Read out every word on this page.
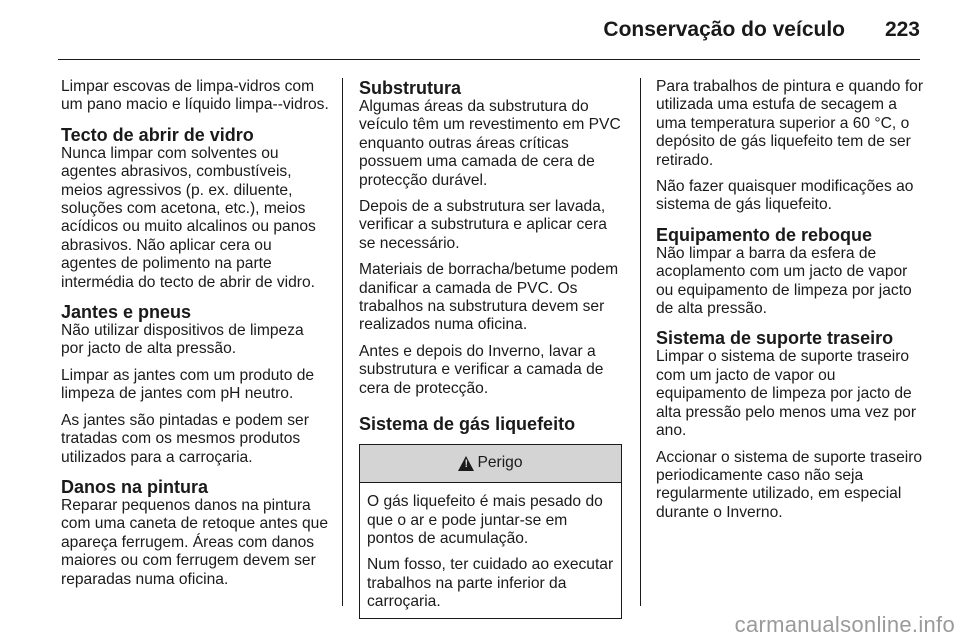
Conservação do veículo 223

Limpar escovas de limpa-vidros com um pano macio e líquido limpa--vidros.

Tecto de abrir de vidro

Nunca limpar com solventes ou agentes abrasivos, combustíveis, meios agressivos (p. ex. diluente, soluções com acetona, etc.), meios acídicos ou muito alcalinos ou panos abrasivos. Não aplicar cera ou agentes de polimento na parte intermédia do tecto de abrir de vidro.

Jantes e pneus

Não utilizar dispositivos de limpeza por jacto de alta pressão.

Limpar as jantes com um produto de limpeza de jantes com pH neutro.

As jantes são pintadas e podem ser tratadas com os mesmos produtos utilizados para a carroçaria.

Danos na pintura

Reparar pequenos danos na pintura com uma caneta de retoque antes que apareça ferrugem. Áreas com danos maiores ou com ferrugem devem ser reparadas numa oficina.

Substrutura

Algumas áreas da substrutura do veículo têm um revestimento em PVC enquanto outras áreas críticas possuem uma camada de cera de protecção durável.

Depois de a substrutura ser lavada, verificar a substrutura e aplicar cera se necessário.

Materiais de borracha/betume podem danificar a camada de PVC. Os trabalhos na substrutura devem ser realizados numa oficina.

Antes e depois do Inverno, lavar a substrutura e verificar a camada de cera de protecção.

Sistema de gás liquefeito
!
Perigo

O gás liquefeito é mais pesado do que o ar e pode juntar-se em pontos de acumulação.

Num fosso, ter cuidado ao executar trabalhos na parte inferior da carroçaria.

Para trabalhos de pintura e quando for utilizada uma estufa de secagem a uma temperatura superior a 60 °C, o depósito de gás liquefeito tem de ser retirado.

Não fazer quaisquer modificações ao sistema de gás liquefeito.

Equipamento de reboque

Não limpar a barra da esfera de acoplamento com um jacto de vapor ou equipamento de limpeza por jacto de alta pressão.

Sistema de suporte traseiro

Limpar o sistema de suporte traseiro com um jacto de vapor ou equipamento de limpeza por jacto de alta pressão pelo menos uma vez por ano.

Accionar o sistema de suporte traseiro periodicamente caso não seja regularmente utilizado, em especial durante o Inverno.

carmanualsonline.info
